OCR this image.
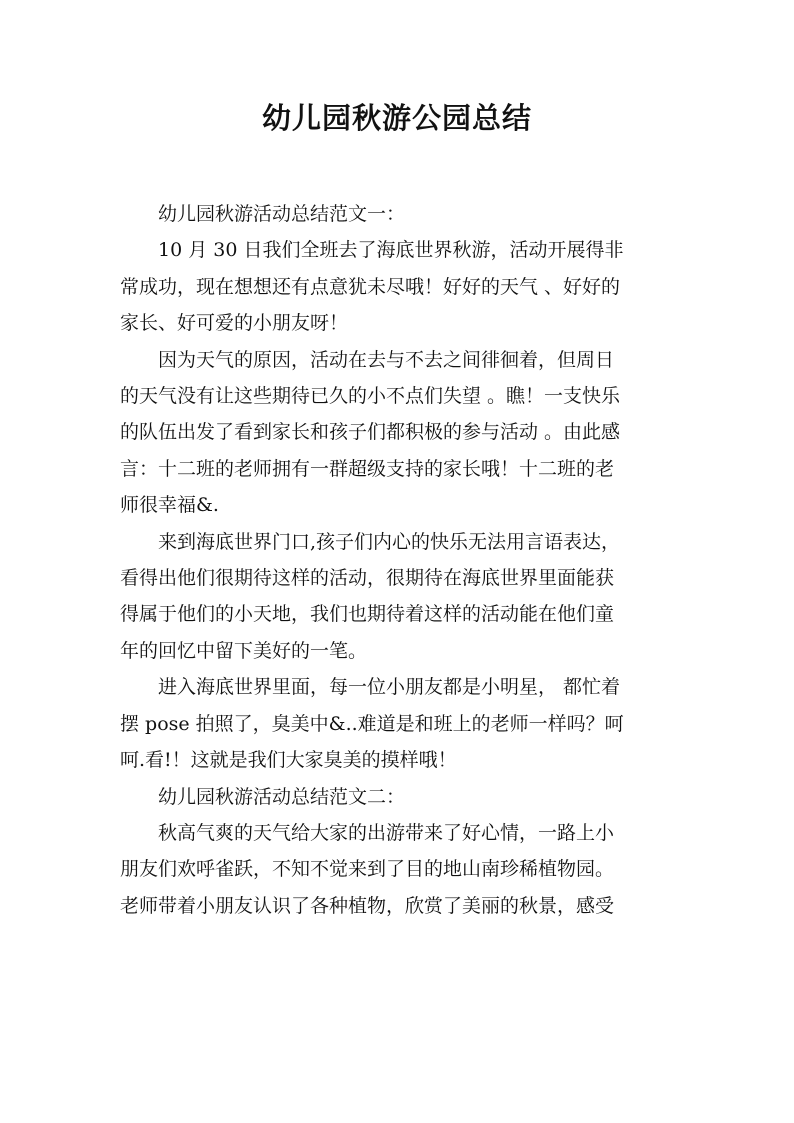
幼儿园秋游公园总结

幼儿园秋游活动总结范文一：

10 月 30 日我们全班去了海底世界秋游，活动开展得非
常成功，现在想想还有点意犹未尽哦！好好的天气 、好好的
家长、好可爱的小朋友呀！

因为天气的原因，活动在去与不去之间徘徊着，但周日
的天气没有让这些期待已久的小不点们失望 。瞧！一支快乐
的队伍出发了看到家长和孩子们都积极的参与活动 。由此感
言：十二班的老师拥有一群超级支持的家长哦！十二班的老
师很幸福&.

来到海底世界门口,孩子们内心的快乐无法用言语表达，
看得出他们很期待这样的活动，很期待在海底世界里面能获
得属于他们的小天地，我们也期待着这样的活动能在他们童
年的回忆中留下美好的一笔。

进入海底世界里面，每一位小朋友都是小明星， 都忙着
摆 pose 拍照了，臭美中&..难道是和班上的老师一样吗？呵
呵.看!！这就是我们大家臭美的摸样哦！

幼儿园秋游活动总结范文二：

秋高气爽的天气给大家的出游带来了好心情，一路上小
朋友们欢呼雀跃，不知不觉来到了目的地山南珍稀植物园。
老师带着小朋友认识了各种植物，欣赏了美丽的秋景，感受
